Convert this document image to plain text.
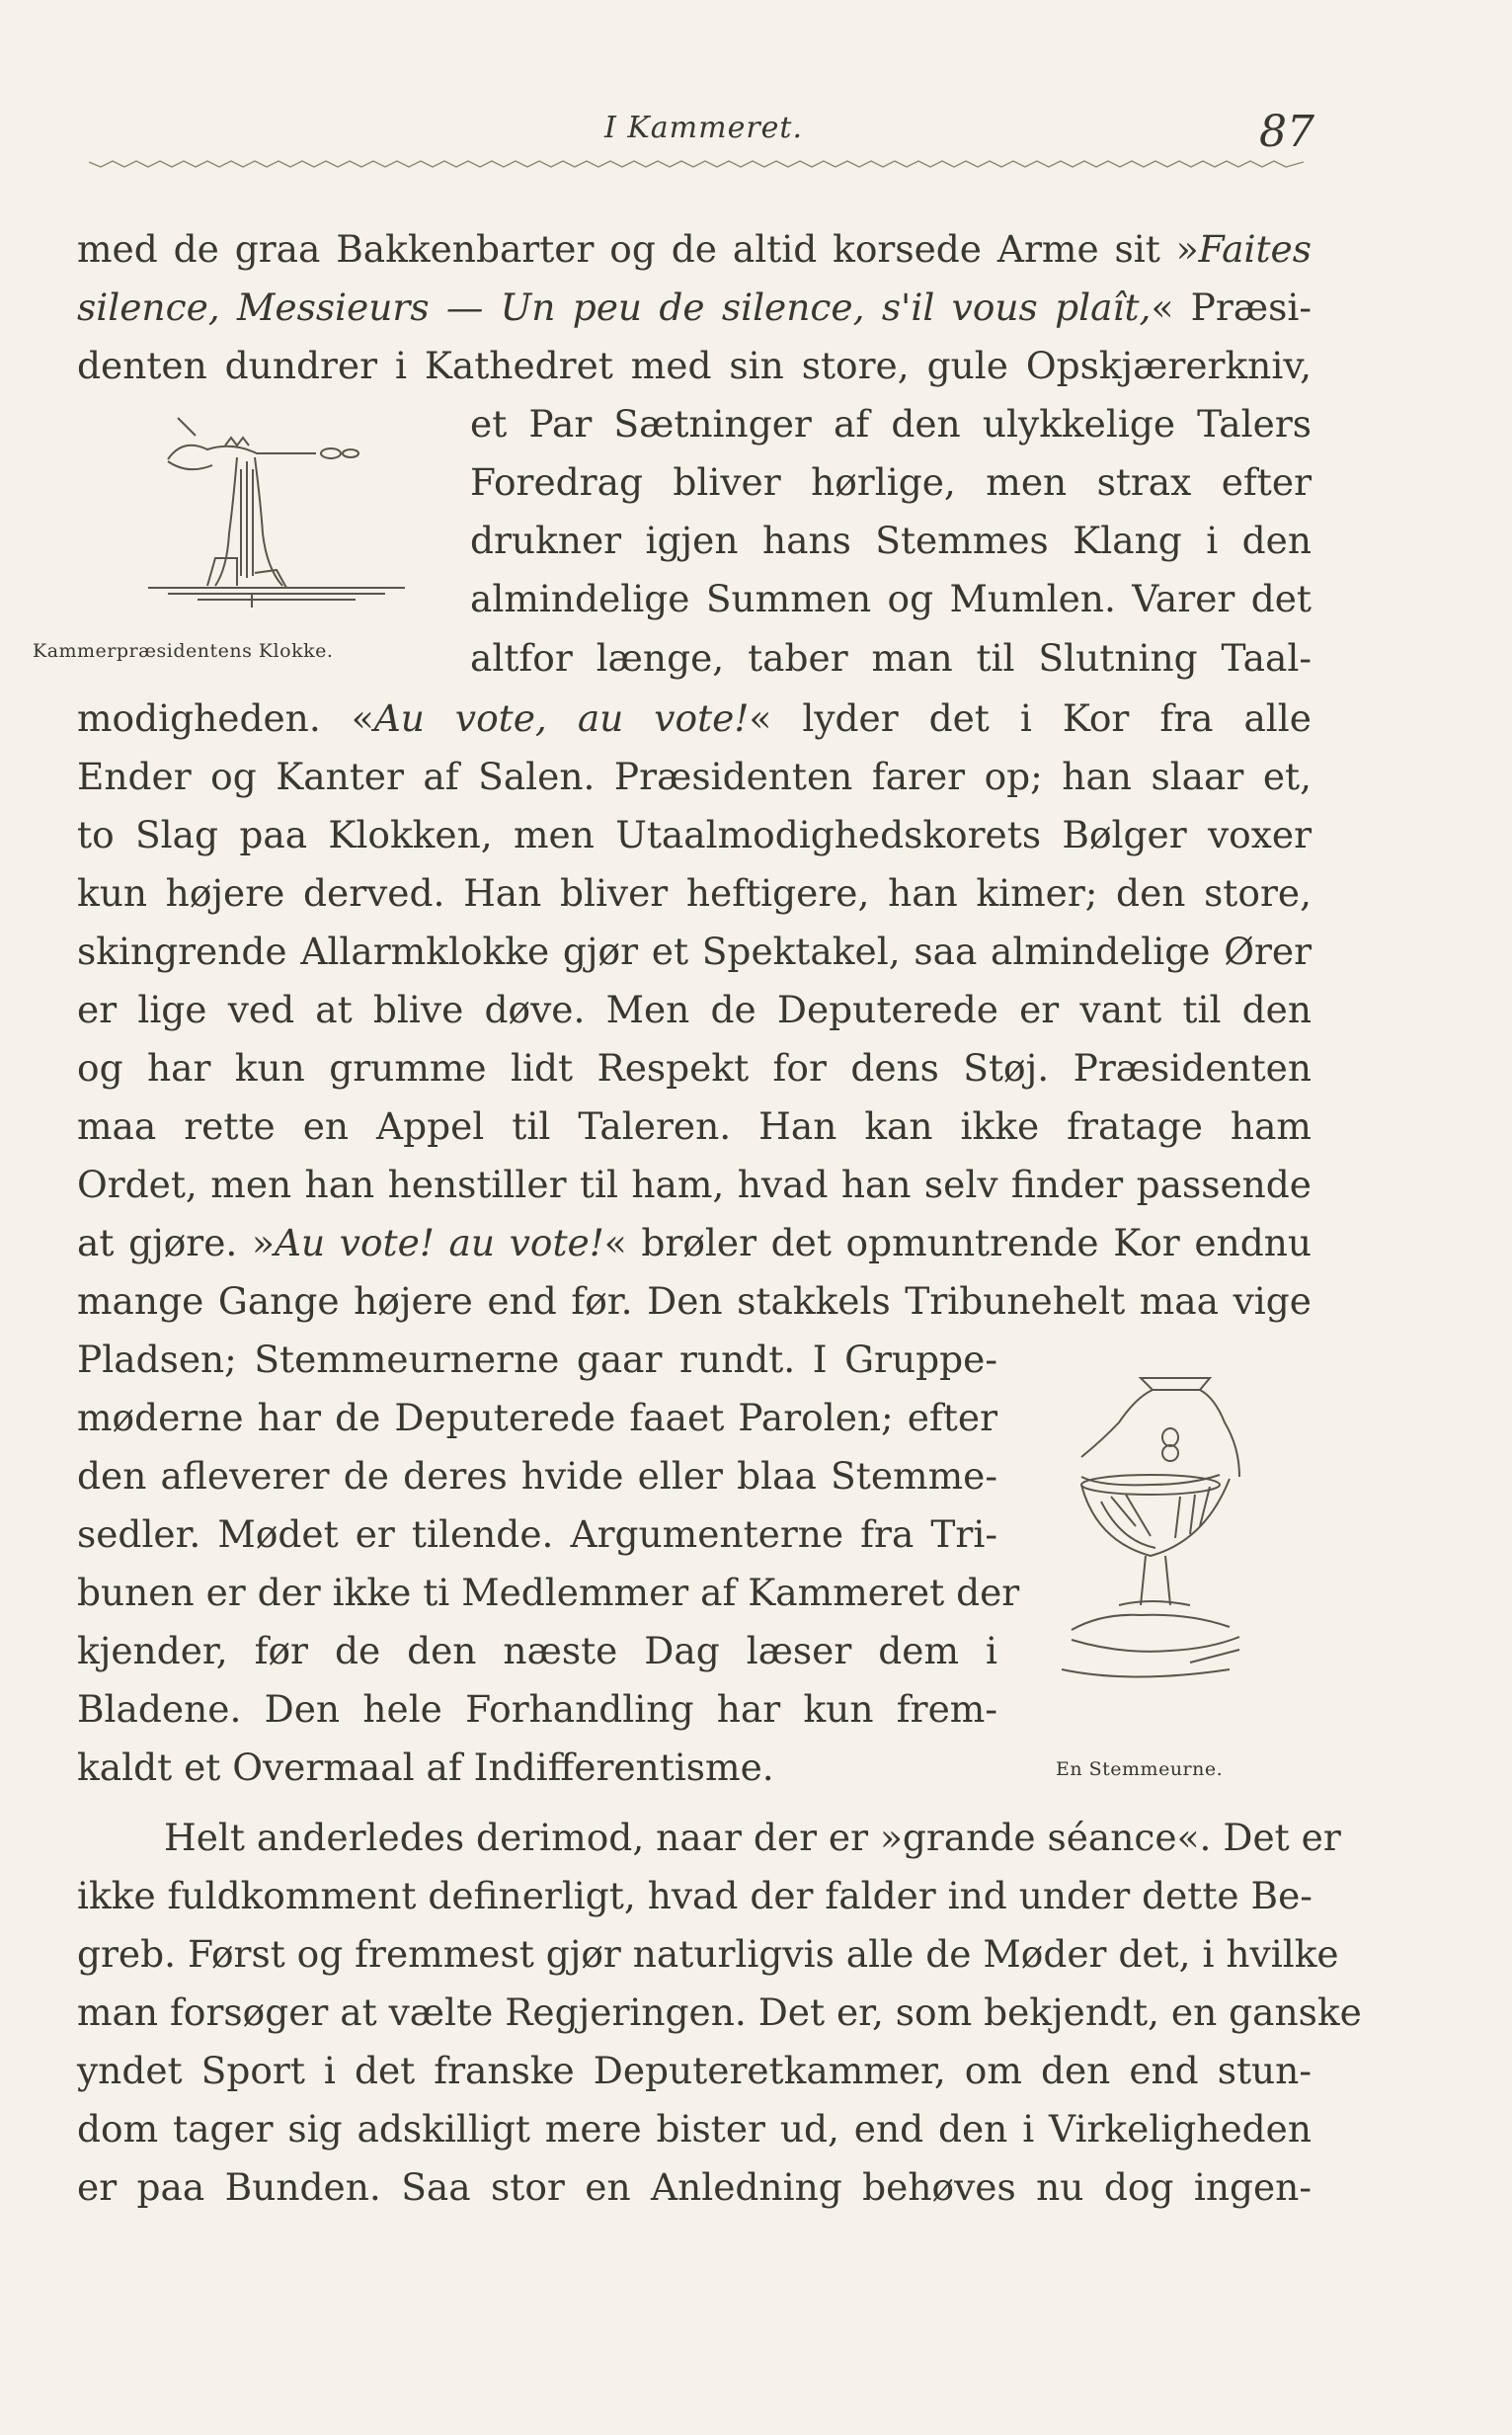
I Kammeret.	87
Kammerpræsidentens Klokke.
En Stemmeurne.
med de graa Bakkenbarter og de altid korsede Arme sit »Faites
silence, Messieurs — Un peu de silence, s'il vous plaît,« Præsi-
denten dundrer i Kathedret med sin store, gule Opskjærerkniv,
et Par Sætninger af den ulykkelige Talers
Foredrag bliver hørlige, men strax efter
drukner igjen hans Stemmes Klang i den
almindelige Summen og Mumlen. Varer det
altfor længe, taber man til Slutning Taal-
modigheden. «Au vote, au vote!« lyder det i Kor fra alle
Ender og Kanter af Salen. Præsidenten farer op; han slaar et,
to Slag paa Klokken, men Utaalmodighedskorets Bølger voxer
kun højere derved. Han bliver heftigere, han kimer; den store,
skingrende Allarmklokke gjør et Spektakel, saa almindelige Ører
er lige ved at blive døve. Men de Deputerede er vant til den
og har kun grumme lidt Respekt for dens Støj. Præsidenten
maa rette en Appel til Taleren. Han kan ikke fratage ham
Ordet, men han henstiller til ham, hvad han selv finder passende
at gjøre. »Au vote! au vote!« brøler det opmuntrende Kor endnu
mange Gange højere end før. Den stakkels Tribunehelt maa vige
Pladsen; Stemmeurnerne gaar rundt. I Gruppe-
møderne har de Deputerede faaet Parolen; efter
den afleverer de deres hvide eller blaa Stemme-
sedler. Mødet er tilende. Argumenterne fra Tri-
bunen er der ikke ti Medlemmer af Kammeret der
kjender, før de den næste Dag læser dem i
Bladene. Den hele Forhandling har kun frem-
kaldt et Overmaal af Indifferentisme.
Helt anderledes derimod, naar der er »grande séance«. Det er
ikke fuldkomment definerligt, hvad der falder ind under dette Be-
greb. Først og fremmest gjør naturligvis alle de Møder det, i hvilke
man forsøger at vælte Regjeringen. Det er, som bekjendt, en ganske
yndet Sport i det franske Deputeretkammer, om den end stun-
dom tager sig adskilligt mere bister ud, end den i Virkeligheden
er paa Bunden. Saa stor en Anledning behøves nu dog ingen-
